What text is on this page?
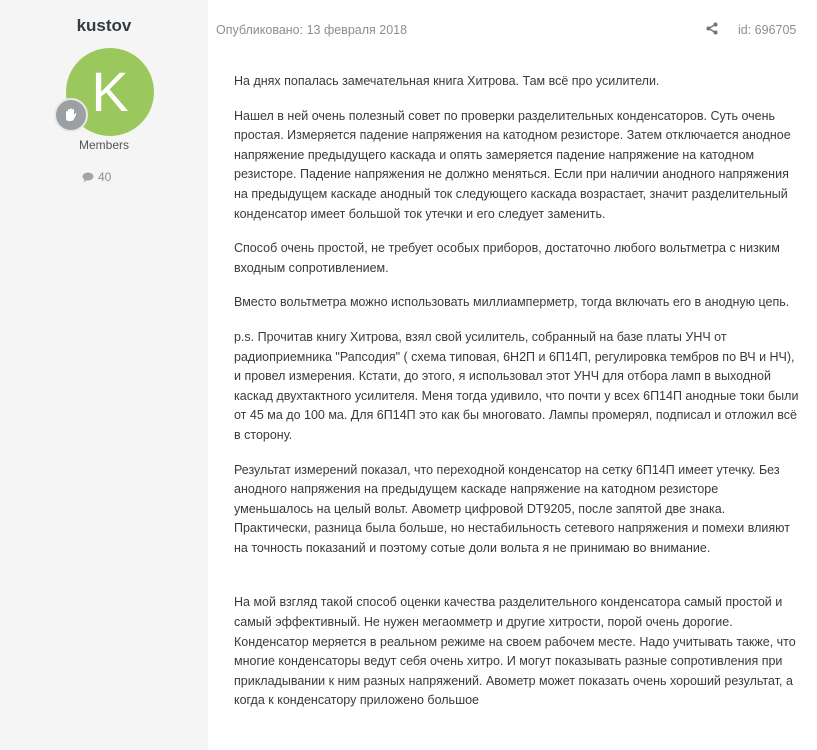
kustov
K
Members
40
Опубликовано: 13 февраля 2018	id: 696705

На днях попалась замечательная книга Хитрова. Там всё про усилители.

Нашел в ней очень полезный совет по проверки разделительных конденсаторов. Суть очень простая. Измеряется падение напряжения на катодном резисторе. Затем отключается анодное напряжение предыдущего каскада и опять замеряется падение напряжение на катодном резисторе. Падение напряжения не должно меняться. Если при наличии анодного напряжения на предыдущем каскаде анодный ток следующего каскада возрастает, значит разделительный конденсатор имеет большой ток утечки и его следует заменить.

Способ очень простой, не требует особых приборов, достаточно любого вольтметра с низким входным сопротивлением.

Вместо вольтметра можно использовать миллиамперметр, тогда включать его в анодную цепь.

p.s. Прочитав книгу Хитрова, взял свой усилитель, собранный на базе платы УНЧ от радиоприемника "Рапсодия" ( схема типовая, 6Н2П и 6П14П, регулировка тембров по ВЧ и НЧ), и провел измерения. Кстати, до этого, я использовал этот УНЧ для отбора ламп в выходной каскад двухтактного усилителя. Меня тогда удивило, что почти у всех 6П14П анодные токи были от 45 ма до 100 ма. Для 6П14П это как бы многовато. Лампы промерял, подписал и отложил всё в сторону.

Результат измерений показал, что переходной конденсатор на сетку 6П14П имеет утечку. Без анодного напряжения на предыдущем каскаде напряжение на катодном резисторе уменьшалось на целый вольт. Авометр цифровой DT9205, после запятой две знака. Практически, разница была больше, но нестабильность сетевого напряжения и помехи влияют на точность показаний и поэтому сотые доли вольта я не принимаю во внимание.

На мой взгляд такой способ оценки качества разделительного конденсатора самый простой и самый эффективный. Не нужен мегаомметр и другие хитрости, порой очень дорогие. Конденсатор меряется в реальном режиме на своем рабочем месте. Надо учитывать также, что многие конденсаторы ведут себя очень хитро. И могут показывать разные сопротивления при прикладывании к ним разных напряжений. Авометр может показать очень хороший результат, а когда к конденсатору приложено большое
